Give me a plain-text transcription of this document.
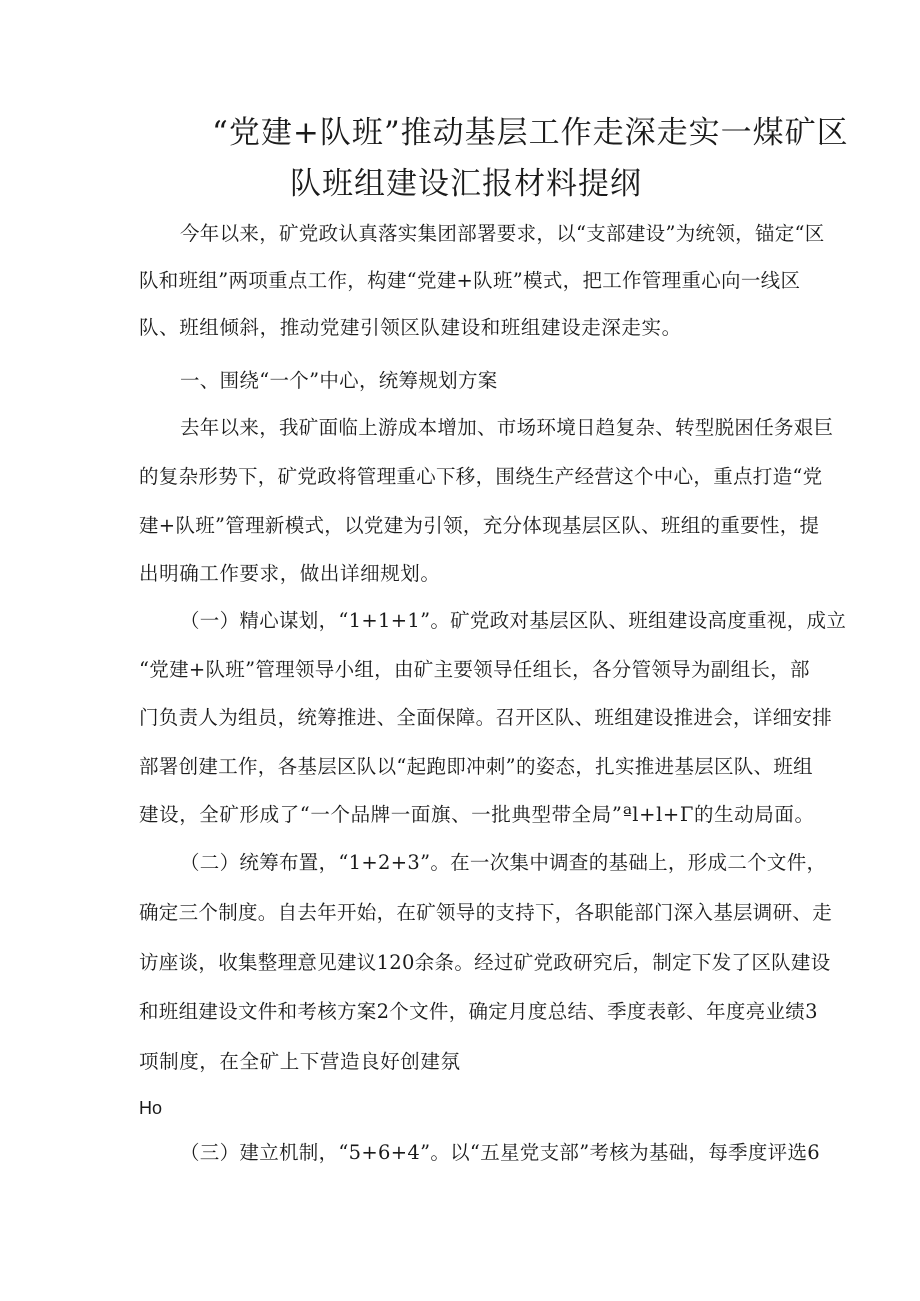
“党建+队班”推动基层工作走深走实一煤矿区
队班组建设汇报材料提纲
今年以来，矿党政认真落实集团部署要求，以“支部建设”为统领，锚定“区
队和班组”两项重点工作，构建“党建+队班”模式，把工作管理重心向一线区
队、班组倾斜，推动党建引领区队建设和班组建设走深走实。
一、围绕“一个”中心，统筹规划方案
去年以来，我矿面临上游成本增加、市场环境日趋复杂、转型脱困任务艰巨
的复杂形势下，矿党政将管理重心下移，围绕生产经营这个中心，重点打造“党
建+队班”管理新模式，以党建为引领，充分体现基层区队、班组的重要性，提
出明确工作要求，做出详细规划。
（一）精心谋划，“1+1+1”。矿党政对基层区队、班组建设高度重视，成立
“党建+队班”管理领导小组，由矿主要领导任组长，各分管领导为副组长，部
门负责人为组员，统筹推进、全面保障。召开区队、班组建设推进会，详细安排
部署创建工作，各基层区队以“起跑即冲刺”的姿态，扎实推进基层区队、班组
建设，全矿形成了“一个品牌一面旗、一批典型带全局”ªl+l+Γ的生动局面。
（二）统筹布置，“1+2+3”。在一次集中调查的基础上，形成二个文件，
确定三个制度。自去年开始，在矿领导的支持下，各职能部门深入基层调研、走
访座谈，收集整理意见建议120余条。经过矿党政研究后，制定下发了区队建设
和班组建设文件和考核方案2个文件，确定月度总结、季度表彰、年度亮业绩3
项制度，在全矿上下营造良好创建氛
Ho
（三）建立机制，“5+6+4”。以“五星党支部”考核为基础，每季度评选6
